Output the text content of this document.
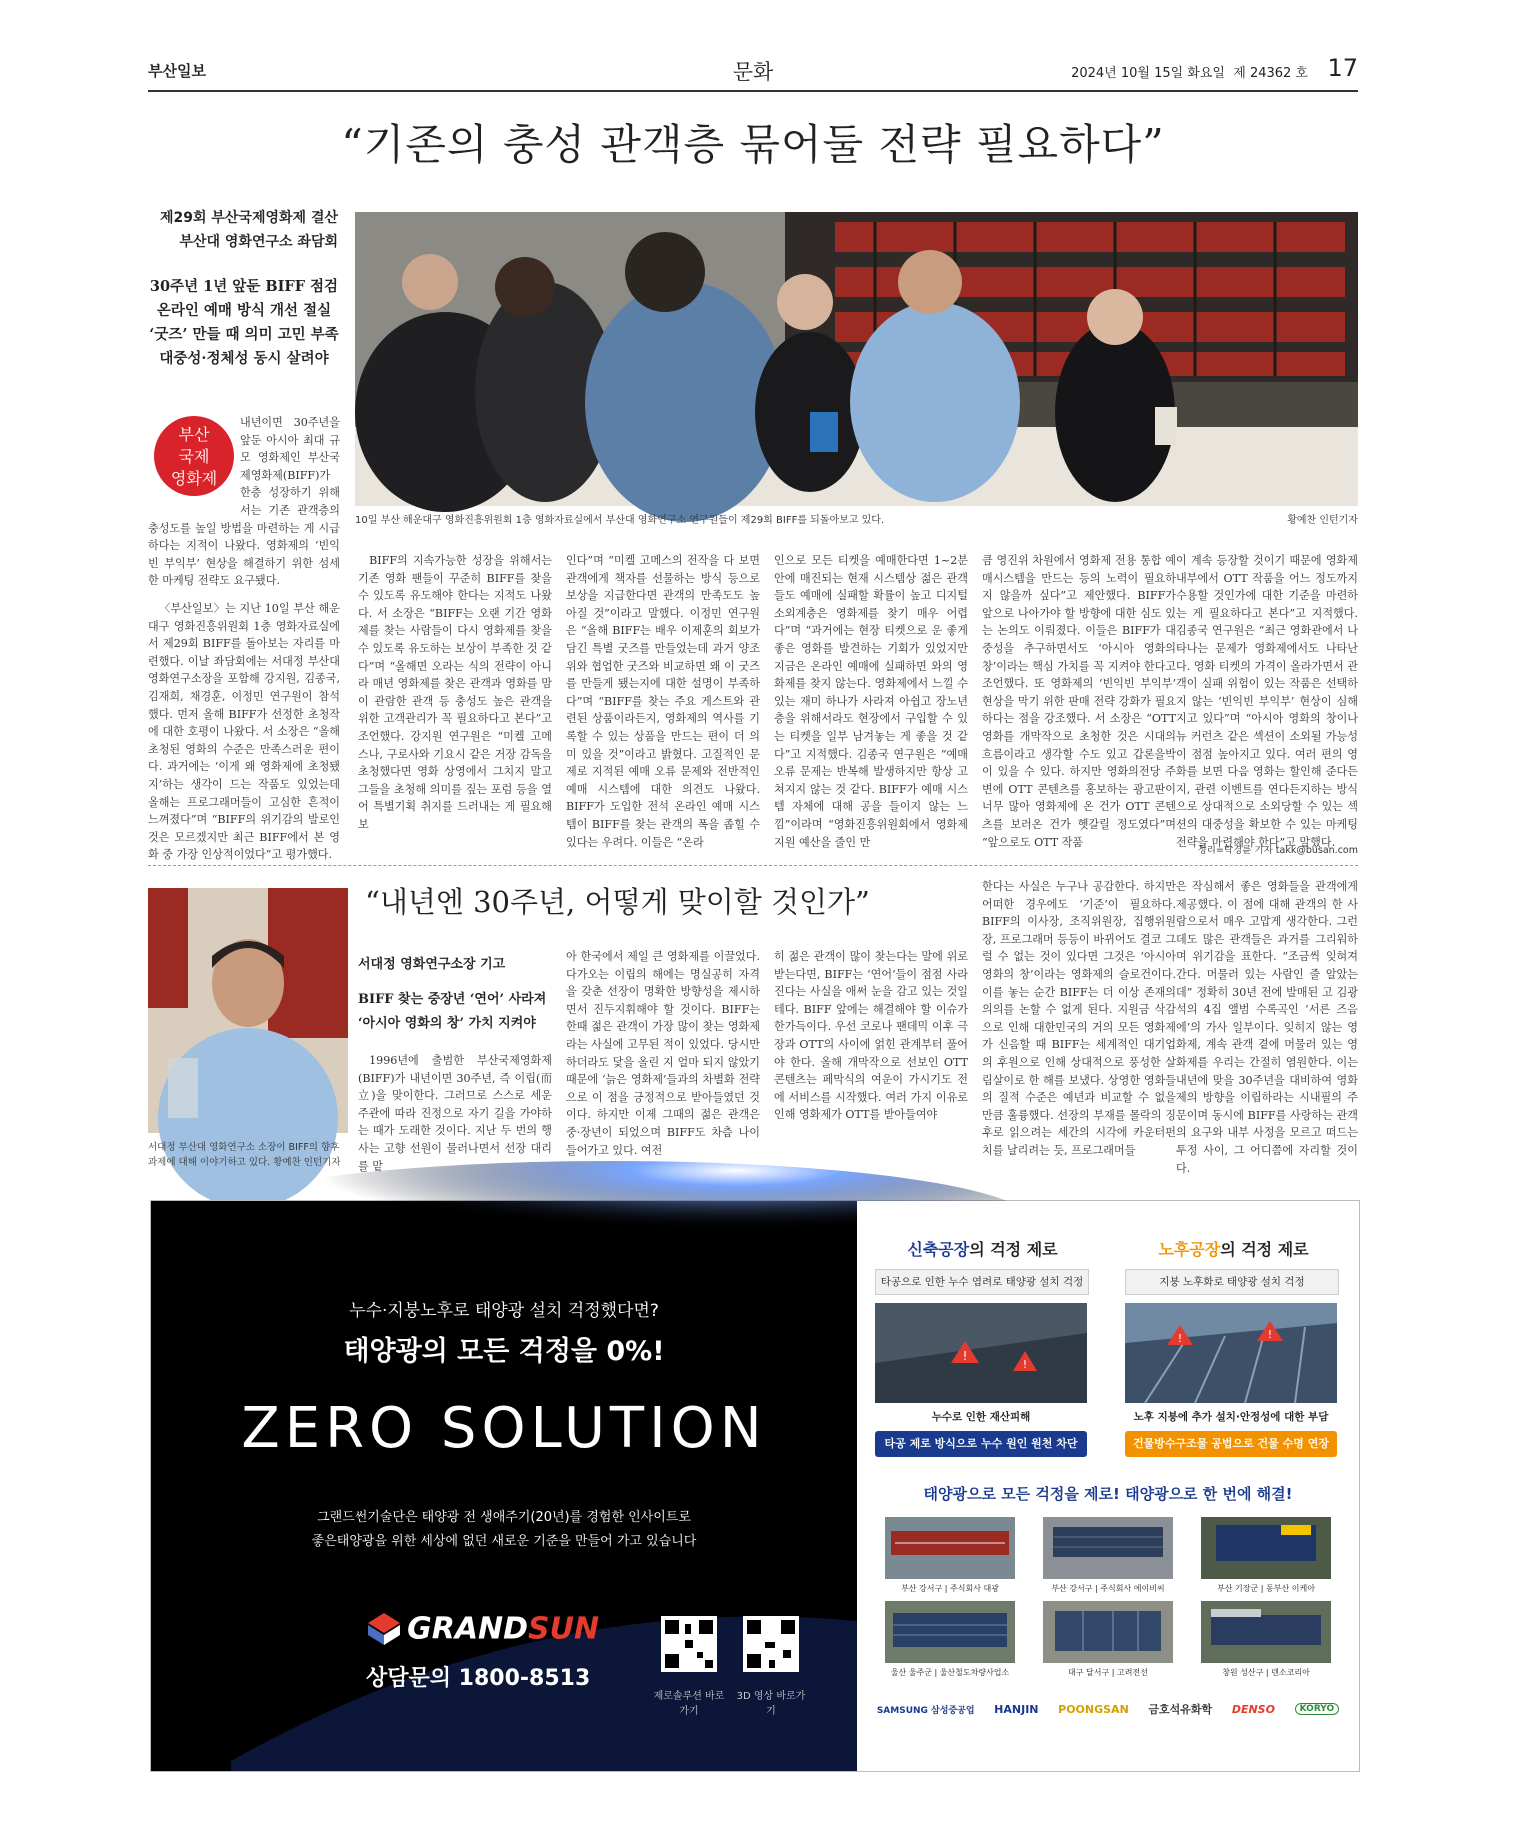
부산일보	문화	2024년 10월 15일 화요일 제 24362 호 17
“기존의 충성 관객층 묶어둘 전략 필요하다”
제29회 부산국제영화제 결산
부산대 영화연구소 좌담회
30주년 1년 앞둔 BIFF 점검
온라인 예매 방식 개선 절실
‘굿즈’ 만들 때 의미 고민 부족
대중성·정체성 동시 살려야
10일 부산 해운대구 영화진흥위원회 1층 영화자료실에서 부산대 영화연구소 연구원들이 제29회 BIFF를 되돌아보고 있다.	황예찬 인턴기자
부산
국제
영화제

내년이면 30주년을 앞둔 아시아 최대 규모 영화제인 부산국제영화제(BIFF)가 한층 성장하기 위해서는 기존 관객층의 충성도를 높일 방법을 마련하는 게 시급하다는 지적이 나왔다. 영화제의 ‘빈익빈 부익부’ 현상을 해결하기 위한 섬세한 마케팅 전략도 요구됐다.

〈부산일보〉는 지난 10일 부산 해운대구 영화진흥위원회 1층 영화자료실에서 제29회 BIFF를 돌아보는 자리를 마련했다. 이날 좌담회에는 서대정 부산대 영화연구소장을 포함해 강지원, 김종국, 김재희, 채경훈, 이정민 연구원이 참석했다. 먼저 올해 BIFF가 선정한 초청작에 대한 호평이 나왔다. 서 소장은 “올해 초청된 영화의 수준은 만족스러운 편이다. 과거에는 ‘이게 왜 영화제에 초청됐지’하는 생각이 드는 작품도 있었는데 올해는 프로그래머들이 고심한 흔적이 느껴졌다”며 “BIFF의 위기감의 발로인 것은 모르겠지만 최근 BIFF에서 본 영화 중 가장 인상적이었다”고 평가했다.

BIFF의 지속가능한 성장을 위해서는 기존 영화 팬들이 꾸준히 BIFF를 찾을 수 있도록 유도해야 한다는 지적도 나왔다. 서 소장은 “BIFF는 오랜 기간 영화제를 찾는 사람들이 다시 영화제를 찾을 수 있도록 유도하는 보상이 부족한 것 같다”며 “올해면 오라는 식의 전략이 아니라 매년 영화제를 찾은 관객과 영화를 맘이 관람한 관객 등 충성도 높은 관객을 위한 고객관리가 꼭 필요하다고 본다”고 조언했다. 강지원 연구원은 “미켈 고메스나, 구로사와 기요시 같은 거장 감독을 초청했다면 영화 상영에서 그치지 말고 그들을 초청해 의미를 짚는 포럼 등을 열어 특별기획 취지를 드러내는 게 필요해 보

인다”며 “미켈 고메스의 전작을 다 보면 관객에게 책자를 선물하는 방식 등으로 보상을 지급한다면 관객의 만족도도 높아질 것”이라고 말했다. 이정민 연구원은 “올해 BIFF는 배우 이제훈의 회보가 담긴 특별 굿즈를 만들었는데 과거 양조위와 협업한 굿즈와 비교하면 왜 이 굿즈를 만들게 됐는지에 대한 설명이 부족하다”며 “BIFF를 찾는 주요 게스트와 관련된 상품이라든지, 영화제의 역사를 기록할 수 있는 상품을 만드는 편이 더 의미 있을 것”이라고 밝혔다. 고질적인 문제로 지적된 예매 오류 문제와 전반적인 예매 시스템에 대한 의견도 나왔다. BIFF가 도입한 전석 온라인 예매 시스템이 BIFF를 찾는 관객의 폭을 좁힐 수 있다는 우려다. 이들은 “온라

인으로 모든 티켓을 예매한다면 1~2분 안에 매진되는 현재 시스템상 젊은 관객들도 예매에 실패할 확률이 높고 디지털 소외계층은 영화제를 찾기 매우 어렵다”며 “과거에는 현장 티켓으로 운 좋게 좋은 영화를 발견하는 기회가 있었지만 지금은 온라인 예매에 실패하면 와의 영화제를 찾지 않는다. 영화제에서 느낄 수 있는 재미 하나가 사라져 아쉽고 장노년층을 위해서라도 현장에서 구입할 수 있는 티켓을 일부 남겨놓는 게 좋을 것 같다”고 지적했다. 김종국 연구원은 “예매 오류 문제는 반복해 발생하지만 항상 고쳐지지 않는 것 같다. BIFF가 예매 시스템 자체에 대해 공을 들이지 않는 느낌”이라며 “영화진흥위원회에서 영화제 지원 예산을 줄인 만

큼 영진위 차원에서 영화제 전용 통합 예매시스템을 만드는 등의 노력이 필요하지 않을까 싶다”고 제안했다. BIFF가 앞으로 나아가야 할 방향에 대한 심도 있는 논의도 이뤄졌다. 이들은 BIFF가 대중성을 추구하면서도 ‘아시아 영화의 창’이라는 핵심 가치를 꼭 지켜야 한다고 조언했다. 또 영화제의 ‘빈익빈 부익부’ 현상을 막기 위한 판매 전략 강화가 필요하다는 점을 강조했다. 서 소장은 “OTT 영화를 개막작으로 초청한 것은 시대의 흐름이라고 생각할 수도 있고 갑론을박이 있을 수 있다. 하지만 영화의전당 주변에 OTT 콘텐츠를 홍보하는 광고판이 너무 많아 영화제에 온 건가 OTT 콘텐츠를 보러온 건가 헷갈릴 정도였다”며 “앞으로도 OTT 작품

이 계속 등장할 것이기 때문에 영화제 내부에서 OTT 작품을 어느 정도까지 수용할 것인가에 대한 기준을 마련하는 게 필요하다고 본다”고 지적했다. 김종국 연구원은 “최근 영화관에서 나타나는 문제가 영화제에서도 나타난다. 영화 티켓의 가격이 올라가면서 관객이 실패 위험이 있는 작품은 선택하지 않는 ‘빈익빈 부익부’ 현상이 심해지고 있다”며 “아시아 영화의 창이나 뉴 커런츠 같은 섹션이 소외될 가능성이 점점 높아지고 있다. 여러 편의 영화를 보면 다음 영화는 할인해 준다든지, 관련 이벤트를 연다든지하는 방식으로 상대적으로 소외당할 수 있는 섹션의 대중성을 확보한 수 있는 마케팅 전략을 마련해야 한다”고 말했다.

정리=탁경륜 기자 takk@busan.com
서대정 부산대 영화연구소 소장이 BIFF의 향후 과제에 대해 이야기하고 있다. 황예찬 인턴기자
“내년엔 30주년, 어떻게 맞이할 것인가”
서대정 영화연구소장 기고
BIFF 찾는 중장년 ‘연어’ 사라져
‘아시아 영화의 창’ 가치 지켜야

1996년에 출범한 부산국제영화제(BIFF)가 내년이면 30주년, 즉 이립(而立)을 맞이한다. 그러므로 스스로 세운 주관에 따라 진정으로 자기 길을 가야하는 때가 도래한 것이다. 지난 두 번의 행사는 고향 선원이 물러나면서 선장 대리를 맡

아 한국에서 제일 큰 영화제를 이끌었다. 다가오는 이립의 해에는 명실공히 자격을 갖춘 선장이 명확한 방향성을 제시하면서 진두지휘해야 할 것이다. BIFF는 한때 젊은 관객이 가장 많이 찾는 영화제라는 사실에 고무된 적이 있었다. 당시만 하더라도 닻을 올린 지 얼마 되지 않았기 때문에 ‘늙은 영화제’들과의 차별화 전략으로 이 점을 긍정적으로 받아들였던 것이다. 하지만 이제 그때의 젊은 관객은 중·장년이 되었으며 BIFF도 차츰 나이 들어가고 있다. 여전

히 젊은 관객이 많이 찾는다는 말에 위로받는다면, BIFF는 ‘연어’들이 점점 사라진다는 사실을 애써 눈을 감고 있는 것일 테다. BIFF 앞에는 해결해야 할 이슈가 한가득이다. 우선 코로나 팬데믹 이후 극장과 OTT의 사이에 얽힌 관계부터 풀어야 한다. 올해 개막작으로 선보인 OTT 콘텐츠는 페막식의 여운이 가시기도 전에 서비스를 시작했다. 여러 가지 이유로 인해 영화제가 OTT를 받아들여야

한다는 사실은 누구나 공감한다. 하지만 어떠한 경우에도 ‘기준’이 필요하다. BIFF의 이사장, 조직위원장, 집행위원장, 프로그래머 등등이 바뀌어도 결코 그럴 수 없는 것이 있다면 그것은 ‘아시아 영화의 창’이라는 영화제의 슬로건이다. 이를 놓는 순간 BIFF는 더 이상 존재의 의의를 논할 수 없게 된다. 지원금 삭감으로 인해 대한민국의 거의 모든 영화제가 신음할 때 BIFF는 세계적인 대기업의 후원으로 인해 상대적으로 풍성한 살림살이로 한 해를 보냈다. 상영한 영화들의 질적 수준은 예년과 비교할 수 없을 만큼 훌륭했다. 선장의 부재를 몰락의 징후로 읽으려는 세간의 시각에 카운터펀치를 날리려는 듯, 프로그래머들

은 작심해서 좋은 영화들을 관객에게 제공했다. 이 점에 대해 관객의 한 사람으로서 매우 고맙게 생각한다. 그런데도 많은 관객들은 과거를 그리워하며 위기감을 표한다. “조금씩 잊혀져 간다. 머물러 있는 사람인 줄 알았는데” 정확히 30년 전에 발매된 고 김광석의 4집 앨범 수록곡인 ‘서른 즈음에’의 가사 일부이다. 잊히지 않는 영화제, 계속 관객 곁에 머물러 있는 영화제를 우리는 간절히 염원한다. 이는 내년에 맞을 30주년을 대비하여 영화제의 방향을 이립하라는 시내필의 주문이며 동시에 BIFF를 사랑하는 관객의 요구와 내부 사정을 모르고 떠드는 투정 사이, 그 어디쯤에 자리할 것이다.

누수·지붕노후로 태양광 설치 걱정했다면?
태양광의 모든 걱정을 0%!
ZERO SOLUTION
그랜드썬기술단은 태양광 전 생애주기(20년)를 경험한 인사이트로
좋은태양광을 위한 세상에 없던 새로운 기준을 만들어 가고 있습니다
GRANDSUN
상담문의 1800-8513
제로솔루션 바로가기
3D 영상 바로가기
신축공장의 걱정 제로	노후공장의 걱정 제로
타공으로 인한 누수 염려로 태양광 설치 걱정	지붕 노후화로 태양광 설치 걱정
!
!
!	!
누수로 인한 재산피해	노후 지붕에 추가 설치·안정성에 대한 부담
타공 제로 방식으로 누수 원인 원천 차단	건물방수구조물 공법으로 건물 수명 연장(20년)
태양광으로 모든 걱정을 제로! 태양광으로 한 번에 해결!
부산 강서구 | 주식회사 대광	부산 강서구 | 주식회사 에이비씨	부산 기장군 | 동부산 이케아
울산 울주군 | 울산철도차량사업소	대구 달서구 | 고려전선	창원 성산구 | 덴소코리아
SAMSUNG 삼성중공업 HANJIN POONGSAN 금호석유화학 DENSO	KORYO
